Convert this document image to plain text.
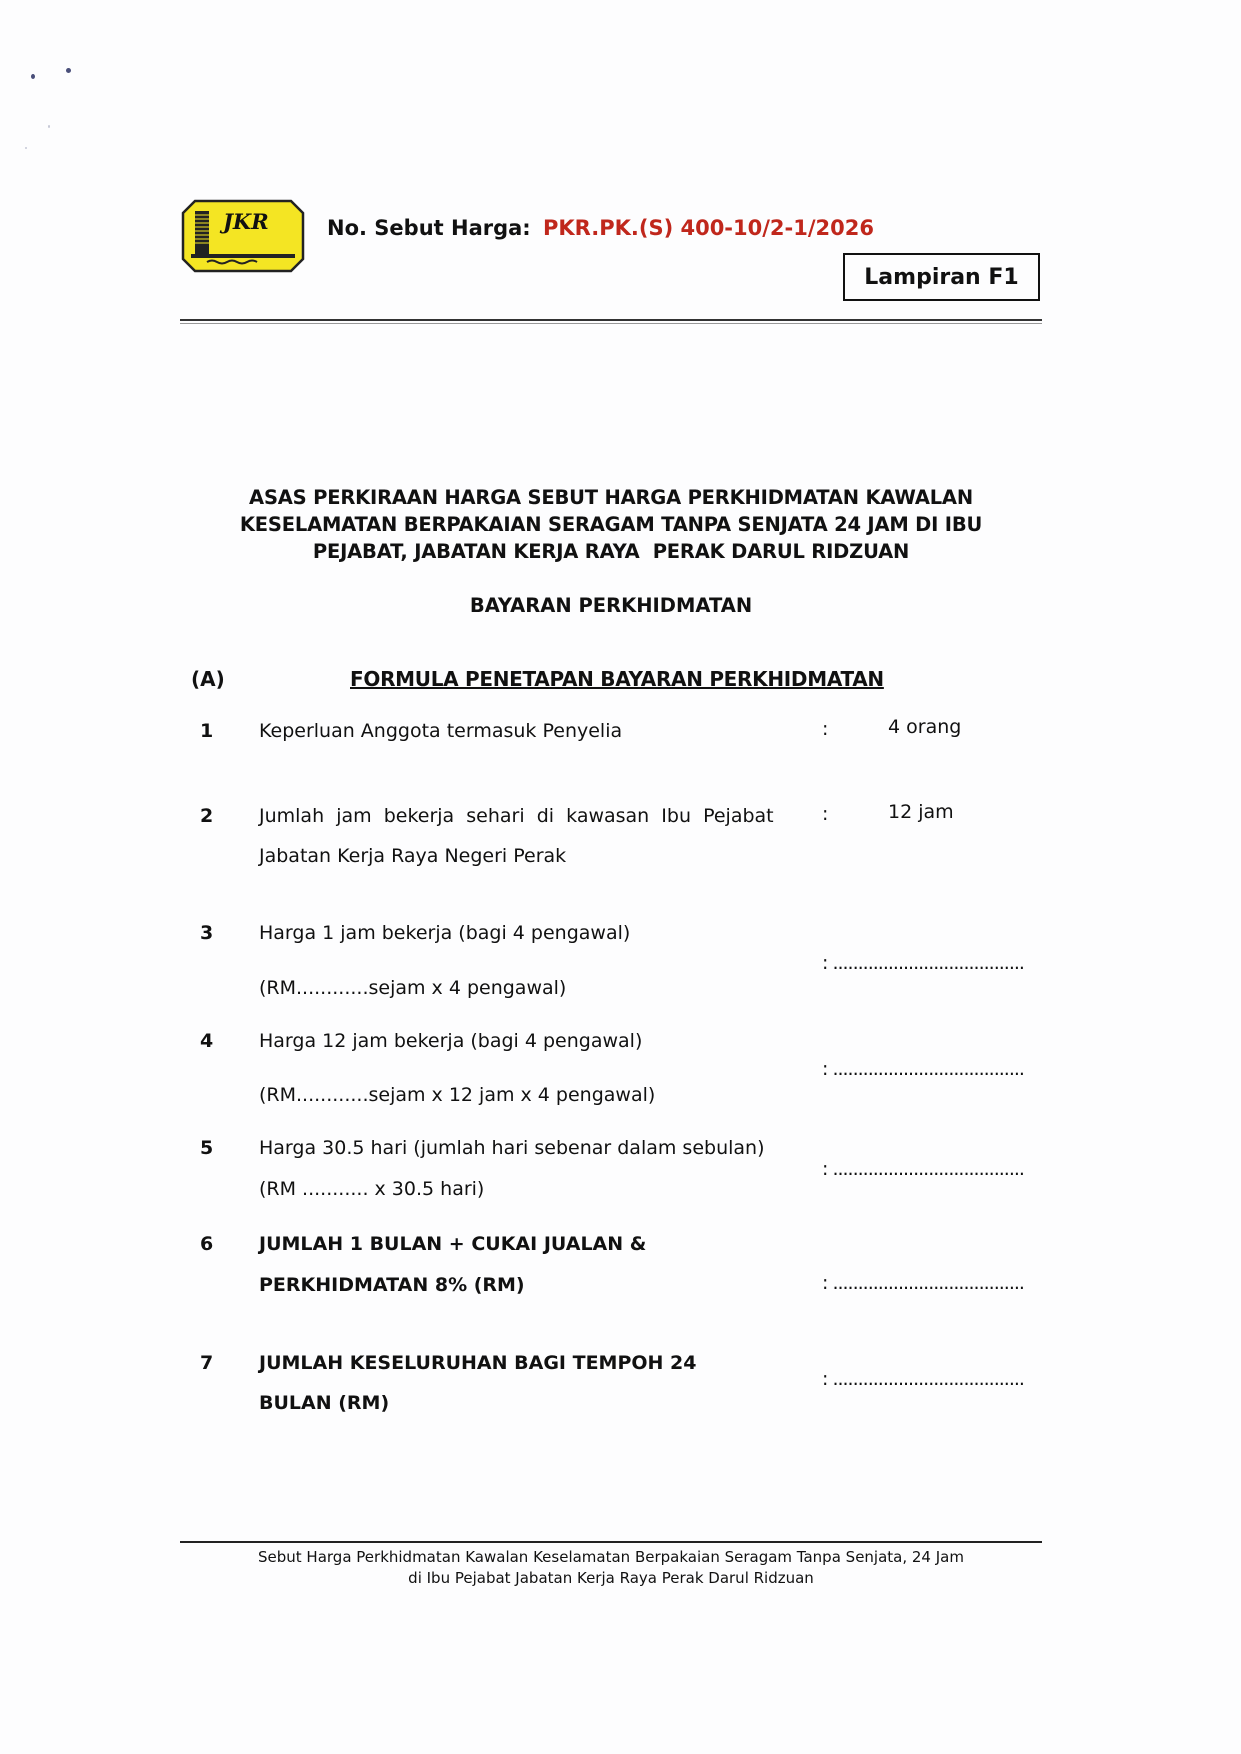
JKR	No. Sebut Harga: PKR.PK.(S) 400-10/2-1/2026
Lampiran F1
ASAS PERKIRAAN HARGA SEBUT HARGA PERKHIDMATAN KAWALAN
KESELAMATAN BERPAKAIAN SERAGAM TANPA SENJATA 24 JAM DI IBU
PEJABAT, JABATAN KERJA RAYA  PERAK DARUL RIDZUAN
BAYARAN PERKHIDMATAN
(A)	FORMULA PENETAPAN BAYARAN PERKHIDMATAN
1 Keperluan Anggota termasuk Penyelia	:	4 orang
2 Jumlah  jam  bekerja  sehari  di  kawasan  Ibu  Pejabat
Jabatan Kerja Raya Negeri Perak
:	12 jam
3 Harga 1 jam bekerja (bagi 4 pengawal)
(RM............sejam x 4 pengawal)
: ......................................
4 Harga 12 jam bekerja (bagi 4 pengawal)
(RM............sejam x 12 jam x 4 pengawal)
: ......................................
5 Harga 30.5 hari (jumlah hari sebenar dalam sebulan)
(RM ........... x 30.5 hari)
: ......................................
6 JUMLAH 1 BULAN + CUKAI JUALAN &
PERKHIDMATAN 8% (RM)	: ......................................
7 JUMLAH KESELURUHAN BAGI TEMPOH 24
BULAN (RM)
: ......................................
Sebut Harga Perkhidmatan Kawalan Keselamatan Berpakaian Seragam Tanpa Senjata, 24 Jam
di Ibu Pejabat Jabatan Kerja Raya Perak Darul Ridzuan
